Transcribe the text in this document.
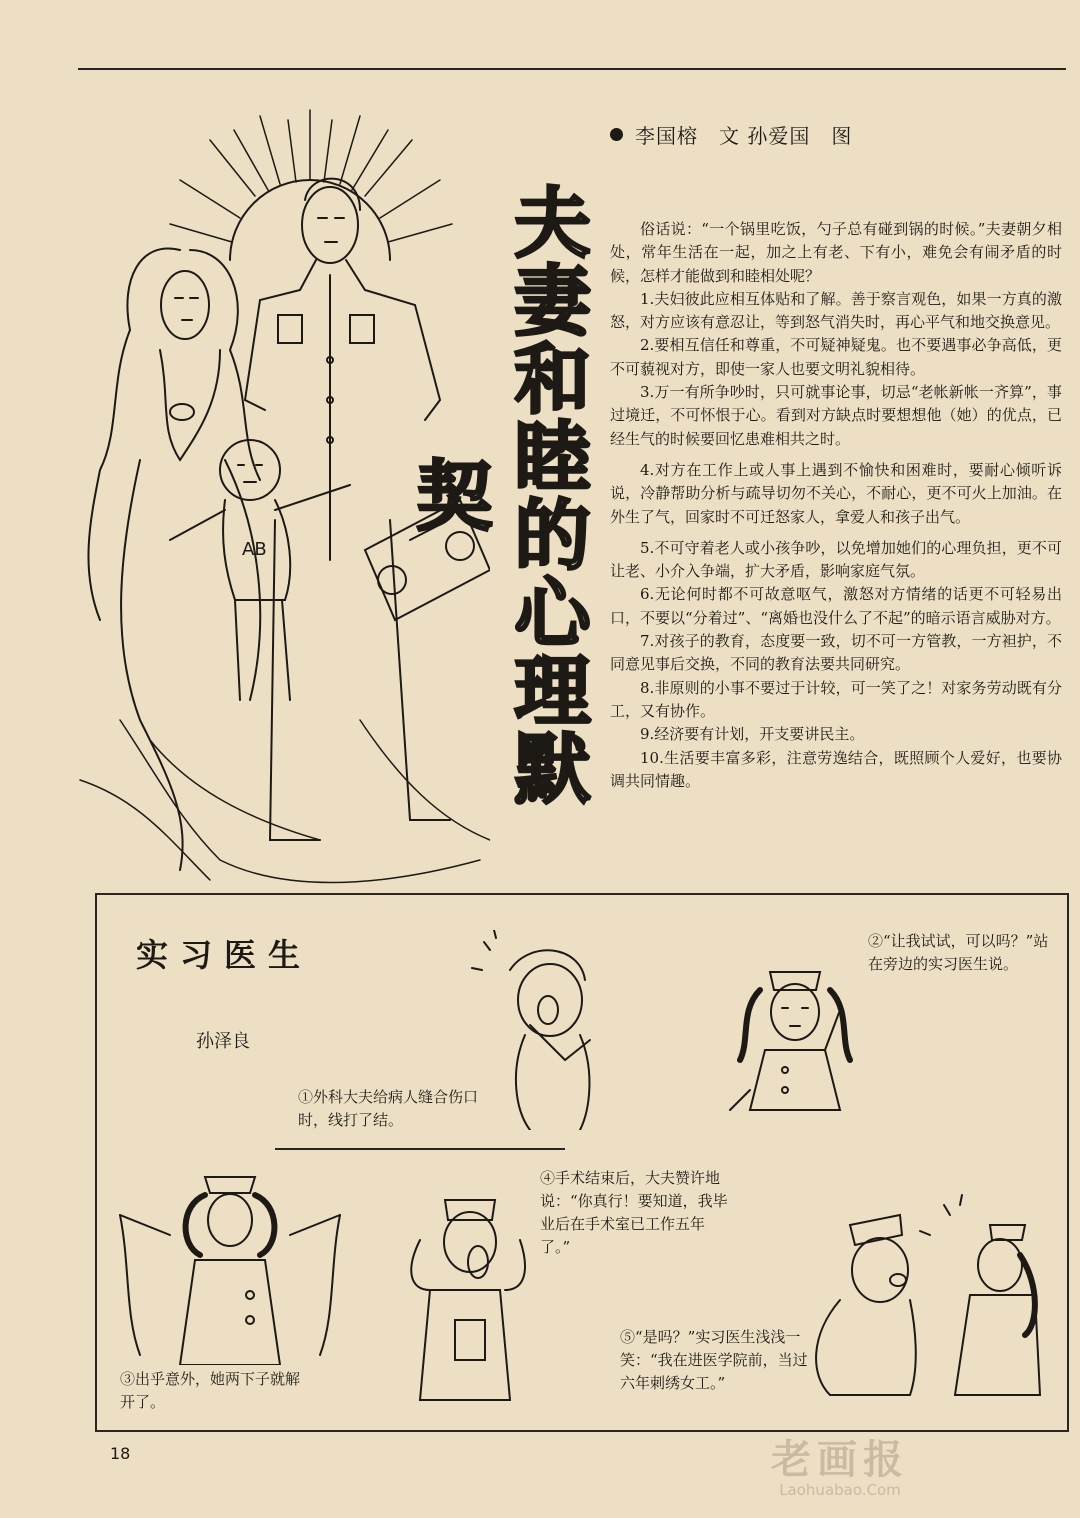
AB	夫妻和睦的心理默契
李国榕　文 孙爱国　图

俗话说：“一个锅里吃饭，勺子总有碰到锅的时候。”夫妻朝夕相处，常年生活在一起，加之上有老、下有小，难免会有闹矛盾的时候，怎样才能做到和睦相处呢？

1.夫妇彼此应相互体贴和了解。善于察言观色，如果一方真的激怒，对方应该有意忍让，等到怒气消失时，再心平气和地交换意见。

2.要相互信任和尊重，不可疑神疑鬼。也不要遇事必争高低，更不可藐视对方，即使一家人也要文明礼貌相待。

3.万一有所争吵时，只可就事论事，切忌“老帐新帐一齐算”，事过境迁，不可怀恨于心。看到对方缺点时要想想他（她）的优点，已经生气的时候要回忆患难相共之时。

4.对方在工作上或人事上遇到不愉快和困难时，要耐心倾听诉说，冷静帮助分析与疏导切勿不关心，不耐心，更不可火上加油。在外生了气，回家时不可迁怒家人，拿爱人和孩子出气。

5.不可守着老人或小孩争吵，以免增加她们的心理负担，更不可让老、小介入争端，扩大矛盾，影响家庭气氛。

6.无论何时都不可故意呕气，激怒对方情绪的话更不可轻易出口，不要以“分着过”、“离婚也没什么了不起”的暗示语言威胁对方。

7.对孩子的教育，态度要一致，切不可一方管教，一方袒护，不同意见事后交换，不同的教育法要共同研究。

8.非原则的小事不要过于计较，可一笑了之！对家务劳动既有分工，又有协作。

9.经济要有计划，开支要讲民主。

10.生活要丰富多彩，注意劳逸结合，既照顾个人爱好，也要协调共同情趣。

实习医生
孙泽良
①外科大夫给病人缝合伤口时，线打了结。
②“让我试试，可以吗？”站在旁边的实习医生说。
③出乎意外，她两下子就解开了。
④手术结束后，大夫赞许地说：“你真行！要知道，我毕业后在手术室已工作五年了。”
⑤“是吗？”实习医生浅浅一笑：“我在进医学院前，当过六年刺绣女工。”
18	老画报
Laohuabao.Com
